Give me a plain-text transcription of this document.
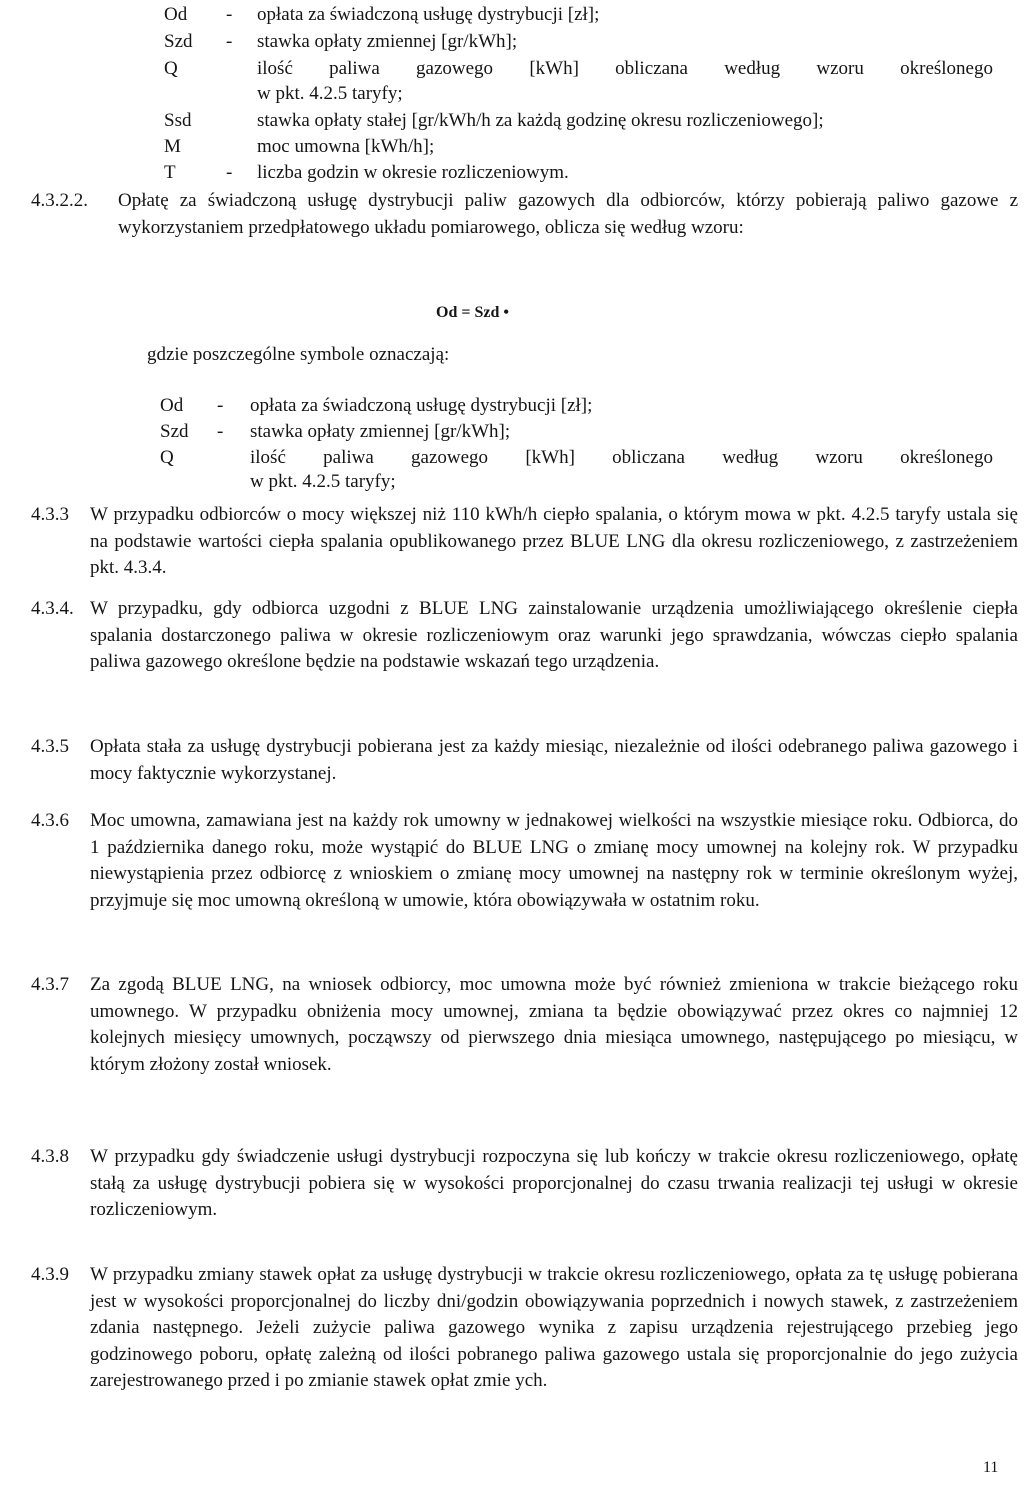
Od - opłata za świadczoną usługę dystrybucji [zł];
Szd - stawka opłaty zmiennej [gr/kWh];
Q	ilość paliwa gazowego [kWh] obliczana według wzoru określonego
w pkt. 4.2.5 taryfy;
Ssd	stawka opłaty stałej [gr/kWh/h za każdą godzinę okresu rozliczeniowego];
M	moc umowna [kWh/h];
T	- liczba godzin w okresie rozliczeniowym.
4.3.2.2. Opłatę za świadczoną usługę dystrybucji paliw gazowych dla odbiorców, którzy pobierają paliwo gazowe z wykorzystaniem przedpłatowego układu pomiarowego, oblicza się według wzoru:

Od = Szd •
gdzie poszczególne symbole oznaczają:
Od - opłata za świadczoną usługę dystrybucji [zł];
Szd - stawka opłaty zmiennej [gr/kWh];
Q	ilość paliwa gazowego [kWh] obliczana według wzoru określonego
w pkt. 4.2.5 taryfy;
4.3.3 W przypadku odbiorców o mocy większej niż 110 kWh/h ciepło spalania, o którym mowa w pkt. 4.2.5 taryfy ustala się na podstawie wartości ciepła spalania opublikowanego przez BLUE LNG dla okresu rozliczeniowego, z zastrzeżeniem pkt. 4.3.4.

4.3.4. W przypadku, gdy odbiorca uzgodni z BLUE LNG zainstalowanie urządzenia umożliwiającego określenie ciepła spalania dostarczonego paliwa w okresie rozliczeniowym oraz warunki jego sprawdzania, wówczas ciepło spalania paliwa gazowego określone będzie na podstawie wskazań tego urządzenia.

4.3.5 Opłata stała za usługę dystrybucji pobierana jest za każdy miesiąc, niezależnie od ilości odebranego paliwa gazowego i mocy faktycznie wykorzystanej.

4.3.6 Moc umowna, zamawiana jest na każdy rok umowny w jednakowej wielkości na wszystkie miesiące roku. Odbiorca, do 1 października danego roku, może wystąpić do BLUE LNG o zmianę mocy umownej na kolejny rok. W przypadku niewystąpienia przez odbiorcę z wnioskiem o zmianę mocy umownej na następny rok w terminie określonym wyżej, przyjmuje się moc umowną określoną w umowie, która obowiązywała w ostatnim roku.

4.3.7 Za zgodą BLUE LNG, na wniosek odbiorcy, moc umowna może być również zmieniona w trakcie bieżącego roku umownego. W przypadku obniżenia mocy umownej, zmiana ta będzie obowiązywać przez okres co najmniej 12 kolejnych miesięcy umownych, począwszy od pierwszego dnia miesiąca umownego, następującego po miesiącu, w którym złożony został wniosek.

4.3.8 W przypadku gdy świadczenie usługi dystrybucji rozpoczyna się lub kończy w trakcie okresu rozliczeniowego, opłatę stałą za usługę dystrybucji pobiera się w wysokości proporcjonalnej do czasu trwania realizacji tej usługi w okresie rozliczeniowym.

4.3.9 W przypadku zmiany stawek opłat za usługę dystrybucji w trakcie okresu rozliczeniowego, opłata za tę usługę pobierana jest w wysokości proporcjonalnej do liczby dni/godzin obowiązywania poprzednich i nowych stawek, z zastrzeżeniem zdania następnego. Jeżeli zużycie paliwa gazowego wynika z zapisu urządzenia rejestrującego przebieg jego godzinowego poboru, opłatę zależną od ilości pobranego paliwa gazowego ustala się proporcjonalnie do jego zużycia zarejestrowanego przed i po zmianie stawek opłat zmie ych.

11
